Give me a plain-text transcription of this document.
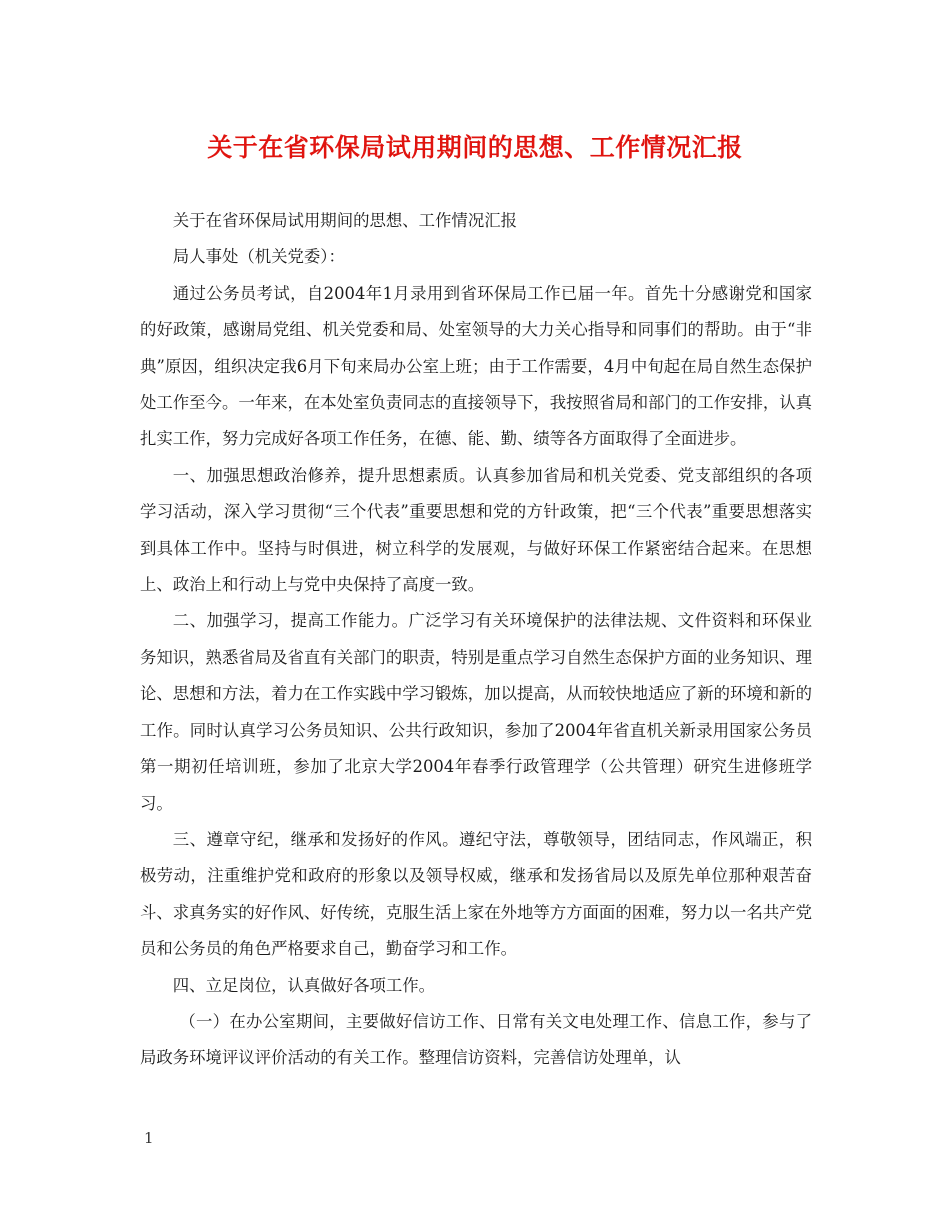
关于在省环保局试用期间的思想、工作情况汇报

关于在省环保局试用期间的思想、工作情况汇报

局人事处（机关党委）：

通过公务员考试，自2004年1月录用到省环保局工作已届一年。首先十分感谢党和国家的好政策，感谢局党组、机关党委和局、处室领导的大力关心指导和同事们的帮助。由于“非典”原因，组织决定我6月下旬来局办公室上班；由于工作需要，4月中旬起在局自然生态保护处工作至今。一年来，在本处室负责同志的直接领导下，我按照省局和部门的工作安排，认真扎实工作，努力完成好各项工作任务，在德、能、勤、绩等各方面取得了全面进步。

一、加强思想政治修养，提升思想素质。认真参加省局和机关党委、党支部组织的各项学习活动，深入学习贯彻“三个代表”重要思想和党的方针政策，把“三个代表”重要思想落实到具体工作中。坚持与时俱进，树立科学的发展观，与做好环保工作紧密结合起来。在思想上、政治上和行动上与党中央保持了高度一致。

二、加强学习，提高工作能力。广泛学习有关环境保护的法律法规、文件资料和环保业务知识，熟悉省局及省直有关部门的职责，特别是重点学习自然生态保护方面的业务知识、理论、思想和方法，着力在工作实践中学习锻炼，加以提高，从而较快地适应了新的环境和新的工作。同时认真学习公务员知识、公共行政知识，参加了2004年省直机关新录用国家公务员第一期初任培训班，参加了北京大学2004年春季行政管理学（公共管理）研究生进修班学习。

三、遵章守纪，继承和发扬好的作风。遵纪守法，尊敬领导，团结同志，作风端正，积极劳动，注重维护党和政府的形象以及领导权威，继承和发扬省局以及原先单位那种艰苦奋斗、求真务实的好作风、好传统，克服生活上家在外地等方方面面的困难，努力以一名共产党员和公务员的角色严格要求自己，勤奋学习和工作。

四、立足岗位，认真做好各项工作。

（一）在办公室期间，主要做好信访工作、日常有关文电处理工作、信息工作，参与了局政务环境评议评价活动的有关工作。整理信访资料，完善信访处理单，认

1
